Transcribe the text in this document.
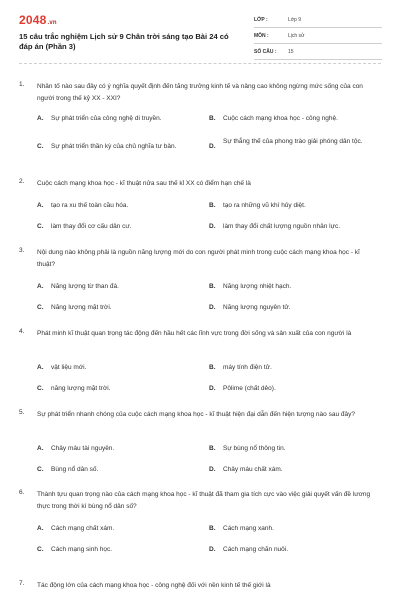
2048.vn
15 câu trắc nghiệm Lịch sử 9 Chân trời sáng tạo Bài 24 có đáp án (Phần 3)
LỚP :	Lớp 9
MÔN :	Lịch sử
SỐ CÂU : 15
1. Nhân tố nào sau đây có ý nghĩa quyết định đến tăng trưởng kinh tế và nâng cao không ngừng mức sống của con người trong thế kỷ XX - XXI?
A. Sự phát triển của công nghệ di truyền.	B. Cuộc cách mạng khoa học - công nghệ.
C. Sự phát triển thần kỳ của chủ nghĩa tư bản.	D.
Sự thắng thế của phong trào giải phóng dân tộc.
2. Cuộc cách mạng khoa học - kĩ thuật nửa sau thế kỉ XX có điểm hạn chế là
A. tạo ra xu thế toàn cầu hóa.	B. tạo ra những vũ khí hủy diệt.
C. làm thay đổi cơ cấu dân cư.	D. làm thay đổi chất lượng nguồn nhân lực.
3. Nội dung nào không phải là nguồn năng lượng mới do con người phát minh trong cuộc cách mạng khoa học - kĩ thuật?
A. Năng lượng từ than đá.	B. Năng lượng nhiệt hạch.
C. Năng lượng mặt trời.	D. Năng lượng nguyên tử.
4. Phát minh kĩ thuật quan trọng tác động đến hầu hết các lĩnh vực trong đời sống và sản xuất của con người là
A. vật liệu mới.	B. máy tính điện tử.
C. năng lượng mặt trời.	D. Pôlime (chất dẻo).
5. Sự phát triển nhanh chóng của cuộc cách mạng khoa học - kĩ thuật hiện đại dẫn đến hiện tượng nào sau đây?
A. Chảy máu tài nguyên.	B. Sự bùng nổ thông tin.
C. Bùng nổ dân số.	D. Chảy máu chất xám.
6. Thành tựu quan trọng nào của cách mạng khoa học - kĩ thuật đã tham gia tích cực vào việc giải quyết vấn đề lương thực trong thời kì bùng nổ dân số?
A. Cách mạng chất xám.	B. Cách mạng xanh.
C. Cách mạng sinh học.	D. Cách mạng chăn nuôi.
7. Tác động lớn của cách mạng khoa học - công nghệ đối với nền kinh tế thế giới là
